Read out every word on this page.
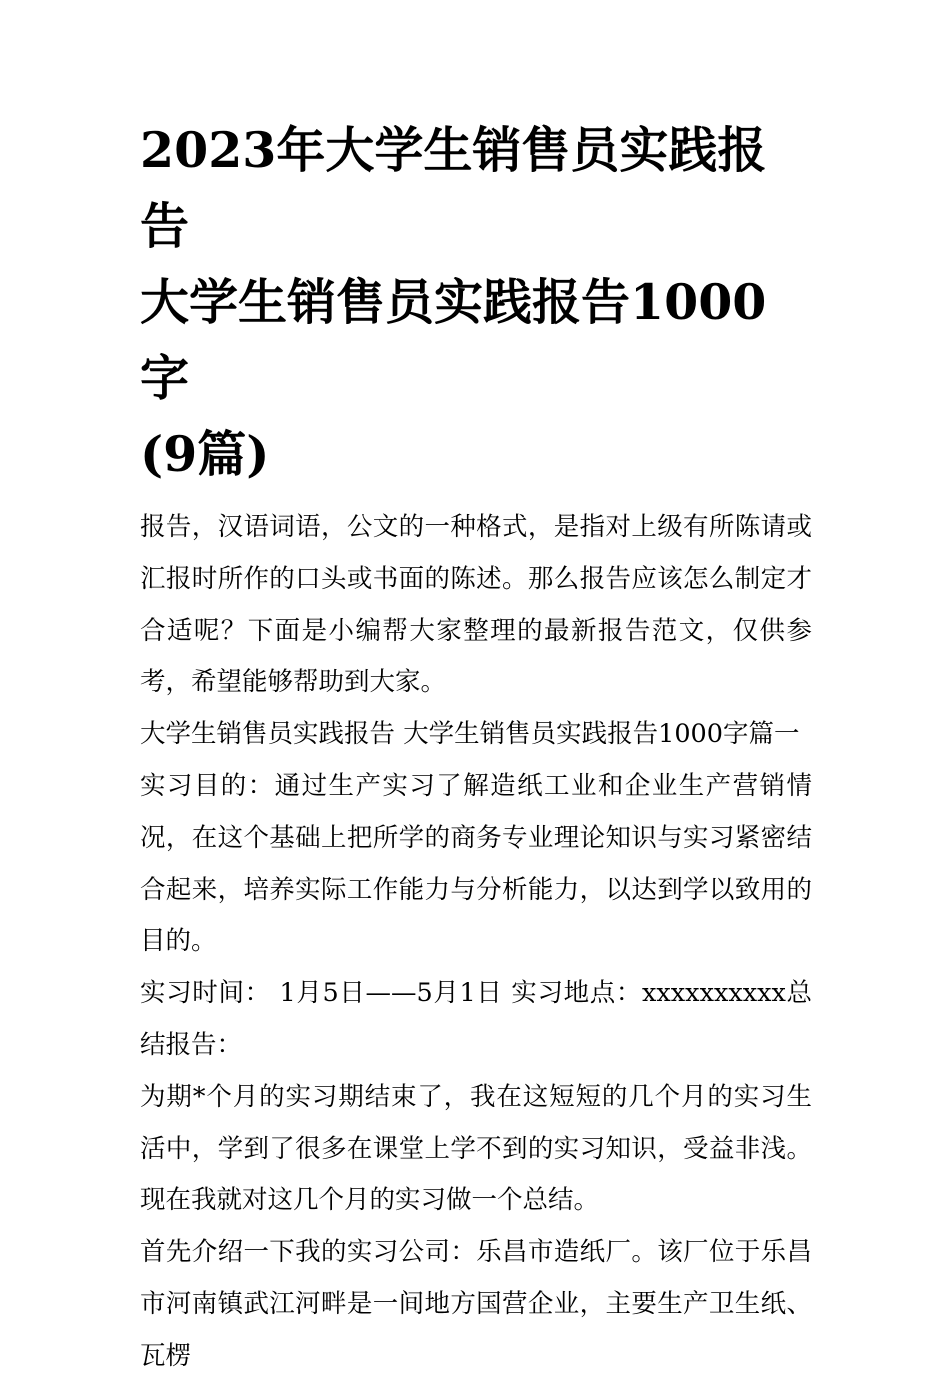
2023年大学生销售员实践报告
大学生销售员实践报告1000字
(9篇)

报告，汉语词语，公文的一种格式，是指对上级有所陈请或汇报时所作的口头或书面的陈述。那么报告应该怎么制定才合适呢？下面是小编帮大家整理的最新报告范文，仅供参考，希望能够帮助到大家。

大学生销售员实践报告 大学生销售员实践报告1000字篇一

实习目的：通过生产实习了解造纸工业和企业生产营销情况，在这个基础上把所学的商务专业理论知识与实习紧密结合起来，培养实际工作能力与分析能力，以达到学以致用的目的。

实习时间： 1月5日——5月1日 实习地点：xxxxxxxxxx总结报告：

为期*个月的实习期结束了，我在这短短的几个月的实习生活中，学到了很多在课堂上学不到的实习知识，受益非浅。现在我就对这几个月的实习做一个总结。

首先介绍一下我的实习公司：乐昌市造纸厂。该厂位于乐昌市河南镇武江河畔是一间地方国营企业，主要生产卫生纸、瓦楞
